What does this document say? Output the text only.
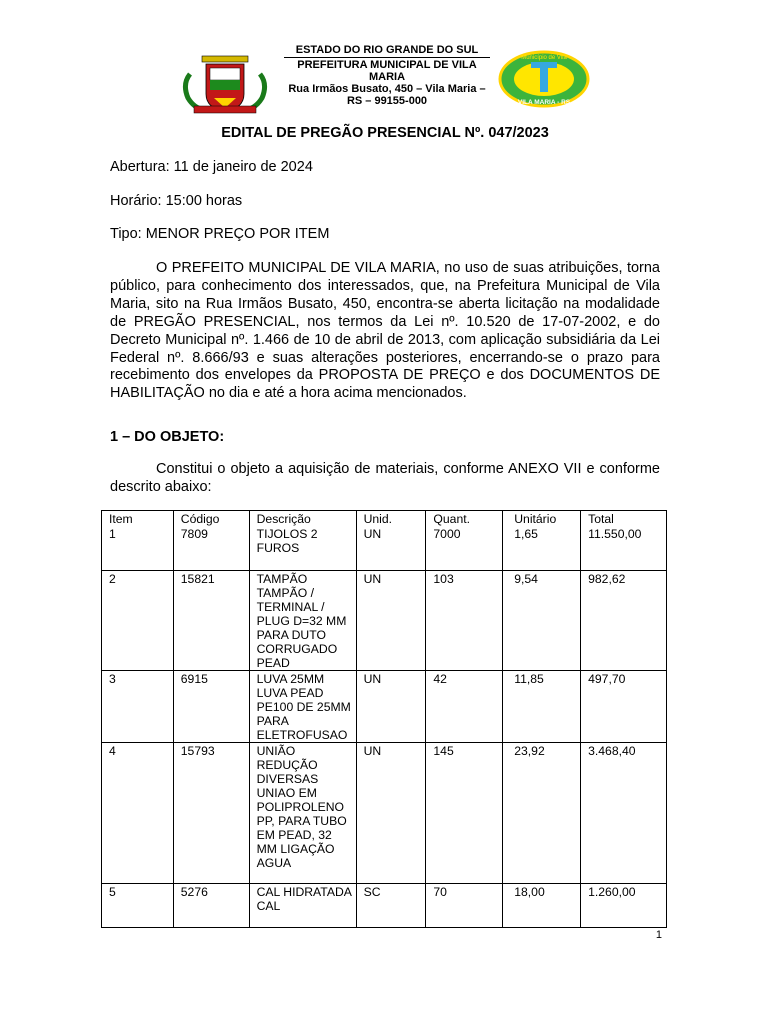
ESTADO DO RIO GRANDE DO SUL
PREFEITURA MUNICIPAL DE VILA MARIA
Rua Irmãos Busato, 450 – Vila Maria – RS – 99155-000
Município de Vila
VILA MARIA - RS
EDITAL DE PREGÃO PRESENCIAL Nº. 047/2023
Abertura: 11 de janeiro de 2024
Horário: 15:00 horas
Tipo: MENOR PREÇO POR ITEM
O PREFEITO MUNICIPAL DE VILA MARIA, no uso de suas atribuições, torna público, para conhecimento dos interessados, que, na Prefeitura Municipal de Vila Maria, sito na Rua Irmãos Busato, 450, encontra-se aberta licitação na modalidade de PREGÃO PRESENCIAL, nos termos da Lei nº. 10.520 de 17-07-2002, e do Decreto Municipal nº. 1.466 de 10 de abril de 2013, com aplicação subsidiária da Lei Federal nº. 8.666/93 e suas alterações posteriores, encerrando-se o prazo para recebimento dos envelopes da PROPOSTA DE PREÇO e dos DOCUMENTOS DE HABILITAÇÃO no dia e até a hora acima mencionados.
1 – DO OBJETO:
Constitui o objeto a aquisição de materiais, conforme ANEXO VII e conforme descrito abaixo:
Item	Código	Descrição	Unid.	Quant.	Unitário	Total
1	7809	TIJOLOS 2 FUROS	UN	7000	1,65	11.550,00
2	15821	TAMPÃO TAMPÃO / TERMINAL / PLUG D=32 MM PARA DUTO CORRUGADO PEAD	UN	103	9,54	982,62
3	6915	LUVA 25MM LUVA PEAD PE100 DE 25MM PARA ELETROFUSAO	UN	42	11,85	497,70
4	15793	UNIÃO REDUÇÃO DIVERSAS UNIAO EM POLIPROLENO PP, PARA TUBO EM PEAD, 32 MM LIGAÇÃO AGUA	UN	145	23,92	3.468,40
5	5276	CAL HIDRATADA CAL	SC	70	18,00	1.260,00
1
